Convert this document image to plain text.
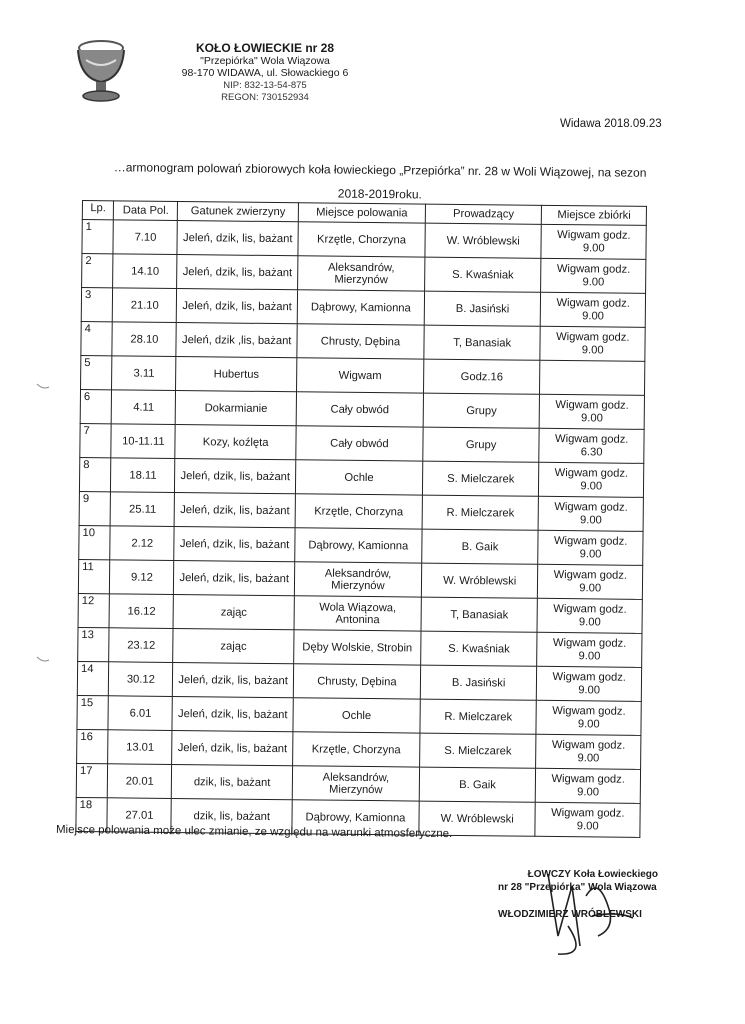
KOŁO ŁOWIECKIE nr 28
"Przepiórka" Wola Wiązowa
98-170 WIDAWA, ul. Słowackiego 6
NIP: 832-13-54-875
REGON: 730152934
Widawa 2018.09.23
…armonogram polowań zbiorowych koła łowieckiego „Przepiórka” nr. 28 w Woli Wiązowej, na sezon 2018-2019roku.
Lp.	Data Pol.	Gatunek zwierzyny	Miejsce polowania	Prowadzący	Miejsce zbiórki
1	7.10	Jeleń, dzik, lis, bażant	Krzętle, Chorzyna	W. Wróblewski	Wigwam godz. 9.00
2	14.10	Jeleń, dzik, lis, bażant	Aleksandrów, Mierzynów	S. Kwaśniak	Wigwam godz. 9.00
3	21.10	Jeleń, dzik, lis, bażant	Dąbrowy, Kamionna	B. Jasiński	Wigwam godz. 9.00
4	28.10	Jeleń, dzik ,lis, bażant	Chrusty, Dębina	T, Banasiak	Wigwam godz. 9.00
5	3.11	Hubertus	Wigwam	Godz.16	
6	4.11	Dokarmianie	Cały obwód	Grupy	Wigwam godz. 9.00
7	10-11.11	Kozy, koźlęta	Cały obwód	Grupy	Wigwam godz. 6.30
8	18.11	Jeleń, dzik, lis, bażant	Ochle	S. Mielczarek	Wigwam godz. 9.00
9	25.11	Jeleń, dzik, lis, bażant	Krzętle, Chorzyna	R. Mielczarek	Wigwam godz. 9.00
10	2.12	Jeleń, dzik, lis, bażant	Dąbrowy, Kamionna	B. Gaik	Wigwam godz. 9.00
11	9.12	Jeleń, dzik, lis, bażant	Aleksandrów, Mierzynów	W. Wróblewski	Wigwam godz. 9.00
12	16.12	zając	Wola Wiązowa, Antonina	T, Banasiak	Wigwam godz. 9.00
13	23.12	zając	Dęby Wolskie, Strobin	S. Kwaśniak	Wigwam godz. 9.00
14	30.12	Jeleń, dzik, lis, bażant	Chrusty, Dębina	B. Jasiński	Wigwam godz. 9.00
15	6.01	Jeleń, dzik, lis, bażant	Ochle	R. Mielczarek	Wigwam godz. 9.00
16	13.01	Jeleń, dzik, lis, bażant	Krzętle, Chorzyna	S. Mielczarek	Wigwam godz. 9.00
17	20.01	dzik, lis, bażant	Aleksandrów, Mierzynów	B. Gaik	Wigwam godz. 9.00
18	27.01	dzik, lis, bażant	Dąbrowy, Kamionna	W. Wróblewski	Wigwam godz. 9.00
Miejsce polowania może ulec zmianie, ze względu na warunki atmosferyczne.
ŁOWCZY Koła Łowieckiego
nr 28 "Przepiórka" Wola Wiązowa
WŁODZIMIERZ WRÓBLEWSKI
